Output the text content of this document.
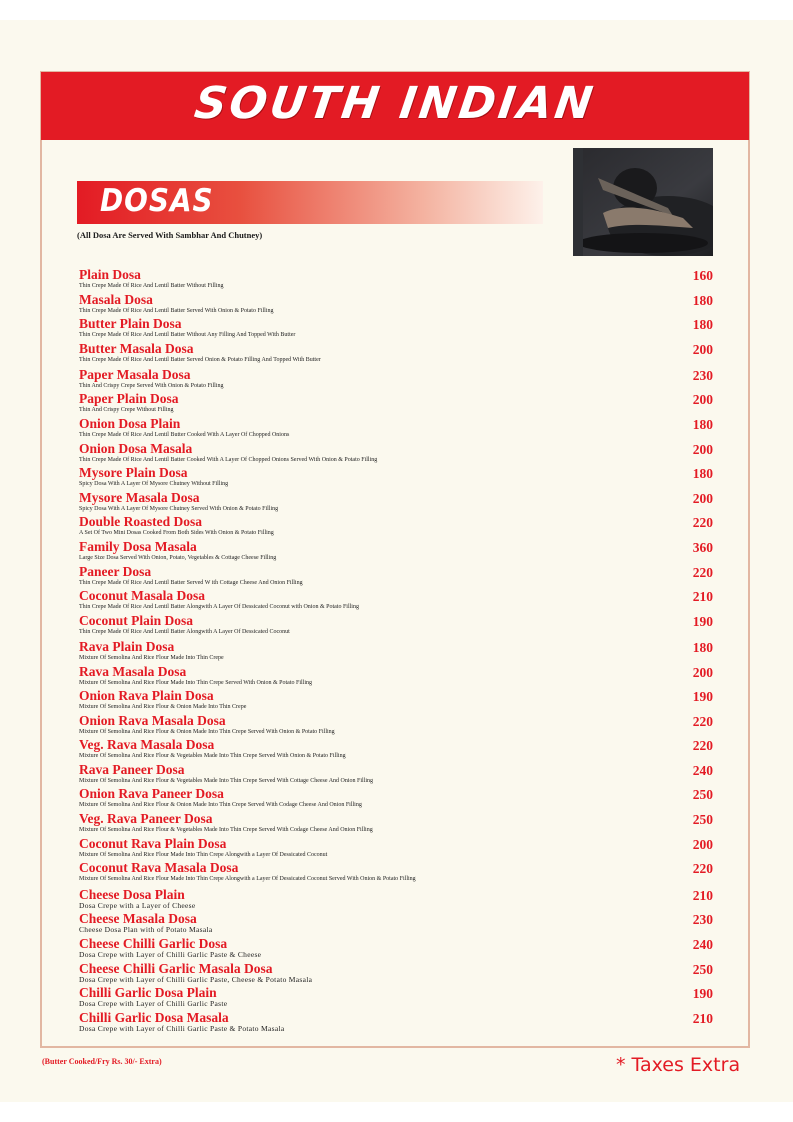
SOUTH INDIAN
DOSAS
(All Dosa Are Served With Sambhar And Chutney)
Plain Dosa
Thin Crepe Made Of Rice And Lentil Batter Without Filling
160
Masala Dosa
Thin Crepe Made Of Rice And Lentil Batter Served With Onion & Potato Filling
180
Butter Plain Dosa
Thin Crepe Made Of Rice And Lentil Batter Without Any Filling And Topped With Butter
180
Butter Masala Dosa
Thin Crepe Made Of Rice And Lentil Batter Served Onion & Potato Filling And Topped With Butter
200
Paper Masala Dosa
Thin And Crispy Crepe Served With Onion & Potato Filling
230
Paper Plain Dosa
Thin And Crispy Crepe Without Filling
200
Onion Dosa Plain
Thin Crepe Made Of Rice And Lentil Butter Cooked With A Layer Of Chopped Onions
180
Onion Dosa Masala
Thin Crepe Made Of Rice And Lentil Batter Cooked With A Layer Of Chopped Onions Served With Onion & Potato Filling
200
Mysore Plain Dosa
Spicy Dosa With A Layer Of Mysore Chutney Without Filling
180
Mysore Masala Dosa
Spicy Dosa With A Layer Of Mysore Chutney Served With Onion & Potato Filling
200
Double Roasted Dosa
A Set Of Two Mini Dosas Cooked From Both Sides With Onion & Potato Filling
220
Family Dosa Masala
Large Size Dosa Served With Onion, Potato, Vegetables & Cottage Cheese Filling
360
Paneer Dosa
Thin Crepe Made Of Rice And Lentil Batter Served W ith Cottage Cheese And Onion Filling
220
Coconut Masala Dosa
Thin Crepe Made Of Rice And Lentil Batter Alongwith A Layer Of Dessicated Coconut with Onion & Potato Filling
210
Coconut Plain Dosa
Thin Crepe Made Of Rice And Lentil Batter Alongwith A Layer Of Dessicated Coconut
190
Rava Plain Dosa
Mixture Of Semolina And Rice Flour Made Into Thin Crepe
180
Rava Masala Dosa
Mixture Of Semolina And Rice Flour Made Into Thin Crepe Served With Onion & Potato Filling
200
Onion Rava Plain Dosa
Mixture Of Semolina And Rice Flour & Onion Made Into Thin Crepe
190
Onion Rava Masala Dosa
Mixture Of Semolina And Rice Flour & Onion Made Into Thin Crepe Served With Onion & Potato Filling
220
Veg. Rava Masala Dosa
Mixture Of Semolina And Rice Flour & Vegetables Made Into Thin Crepe Served With Onion & Potato Filling
220
Rava Paneer Dosa
Mixture Of Semolina And Rice Flour & Vegetables Made Into Thin Crepe Served With Cottage Cheese And Onion Filling
240
Onion Rava Paneer Dosa
Mixture Of Semolina And Rice Flour & Onion Made Into Thin Crepe Served With Codage Cheese And Onion Filling
250
Veg. Rava Paneer Dosa
Mixture Of Semolina And Rice Flour & Vegetables Made Into Thin Crepe Served With Codage Cheese And Onion Filling
250
Coconut Rava Plain Dosa
Mixture Of Semolina And Rice Flour Made Into Thin Crepe Alongwith a Layer Of Dessicated Coconut
200
Coconut Rava Masala Dosa
Mixture Of Semolina And Rice Flour Made Into Thin Crepe Alongwith a Layer Of Dessicated Coconut Served With Onion & Potato Filling
220
Cheese Dosa Plain
Dosa Crepe with a Layer of Cheese
210
Cheese Masala Dosa
Cheese Dosa Plan with of Potato Masala
230
Cheese Chilli Garlic Dosa
Dosa Crepe with Layer of Chilli Garlic Paste & Cheese
240
Cheese Chilli Garlic Masala Dosa
Dosa Crepe with Layer of Chilli Garlic Paste, Cheese & Potato Masala
250
Chilli Garlic Dosa Plain
Dosa Crepe with Layer of Chilli Garlic Paste
190
Chilli Garlic Dosa Masala
Dosa Crepe with Layer of Chilli Garlic Paste & Potato Masala
210
(Butter Cooked/Fry Rs. 30/- Extra)	* Taxes Extra
